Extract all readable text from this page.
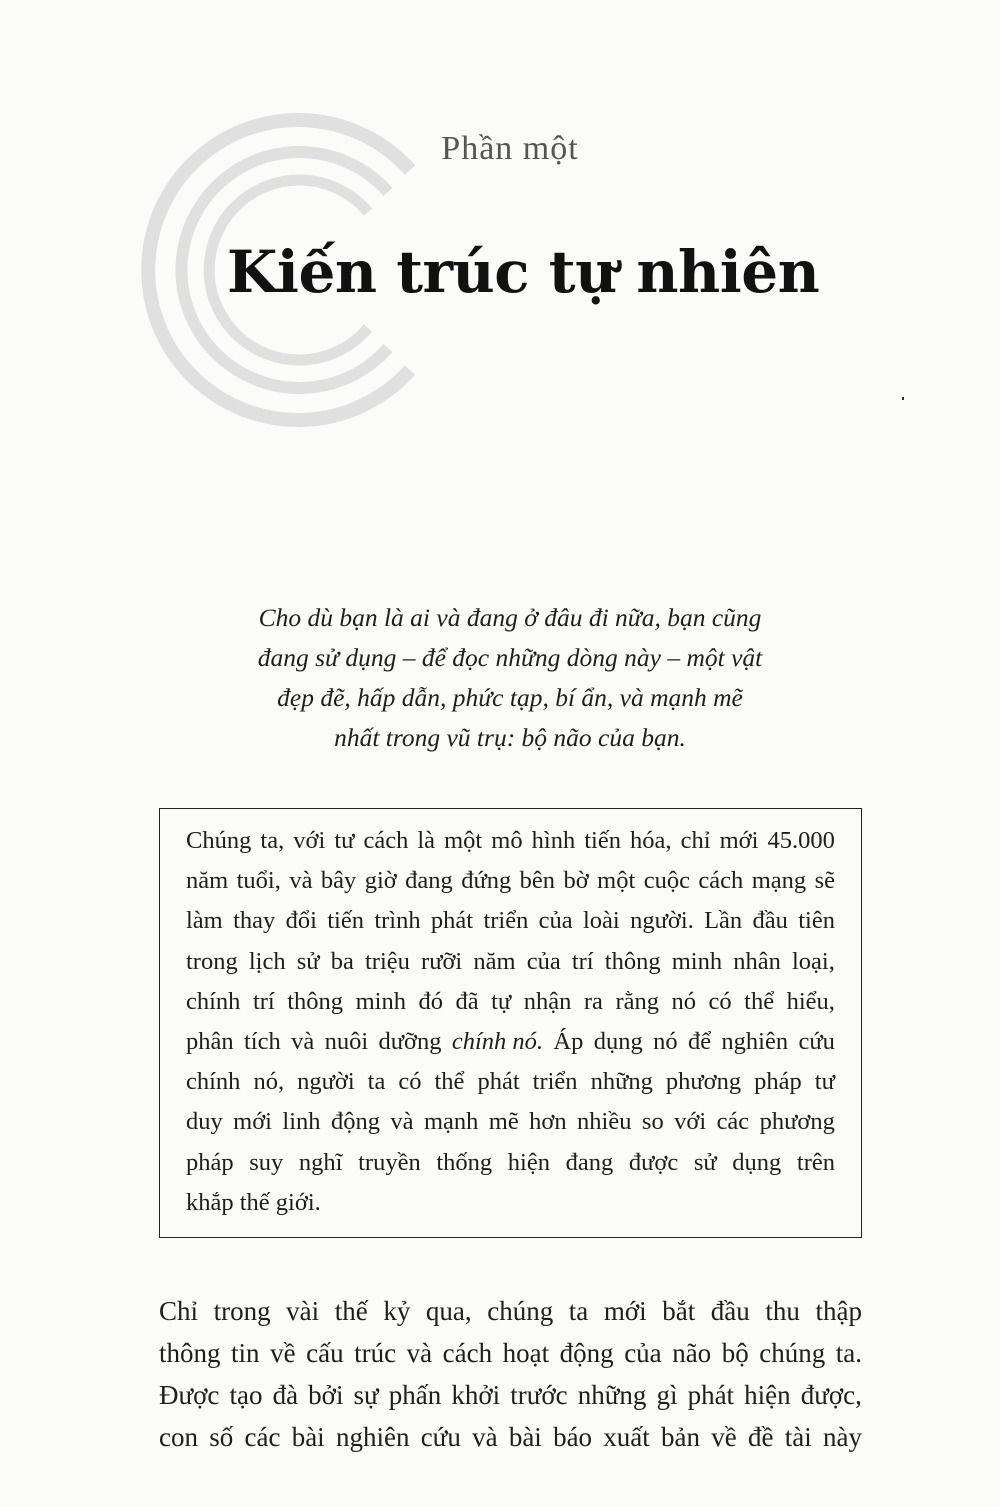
Phần một
Kiến trúc tự nhiên
Cho dù bạn là ai và đang ở đâu đi nữa, bạn cũng
đang sử dụng – để đọc những dòng này – một vật
đẹp đẽ, hấp dẫn, phức tạp, bí ẩn, và mạnh mẽ
nhất trong vũ trụ: bộ não của bạn.
Chúng ta, với tư cách là một mô hình tiến hóa, chỉ mới 45.000
năm tuổi, và bây giờ đang đứng bên bờ một cuộc cách mạng sẽ
làm thay đổi tiến trình phát triển của loài người. Lần đầu tiên
trong lịch sử ba triệu rưỡi năm của trí thông minh nhân loại,
chính trí thông minh đó đã tự nhận ra rằng nó có thể hiểu,
phân tích và nuôi dưỡng chính nó. Áp dụng nó để nghiên cứu
chính nó, người ta có thể phát triển những phương pháp tư
duy mới linh động và mạnh mẽ hơn nhiều so với các phương
pháp suy nghĩ truyền thống hiện đang được sử dụng trên
khắp thế giới.
Chỉ trong vài thế kỷ qua, chúng ta mới bắt đầu thu thập
thông tin về cấu trúc và cách hoạt động của não bộ chúng ta.
Được tạo đà bởi sự phấn khởi trước những gì phát hiện được,
con số các bài nghiên cứu và bài báo xuất bản về đề tài này
